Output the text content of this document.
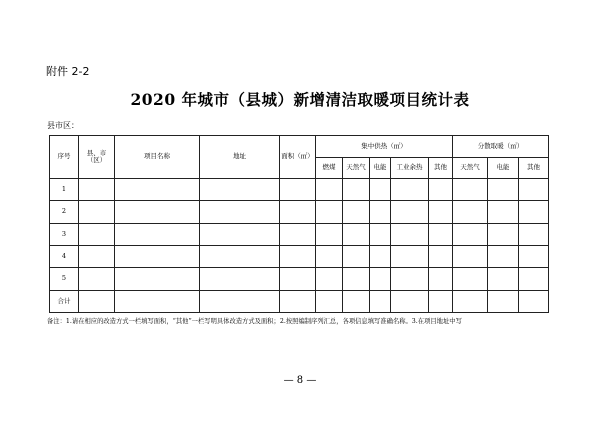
附件 2-2
2020 年城市（县城）新增清洁取暖项目统计表
县市区：
序号	县、市（区）	项目名称	地址	面积（㎡）	集中供热（㎡）					分散取暖（㎡）		
					燃煤	天然气	电能	工业余热	其他	天然气	电能	其他
1												
2												
3												
4												
5												
合计												
备注：1.请在相应的改造方式一栏填写面积，“其他”一栏写明具体改造方式及面积；2.按照编制序列汇总，各项信息填写准确名称。3.在项目地址中写
— 8 —
